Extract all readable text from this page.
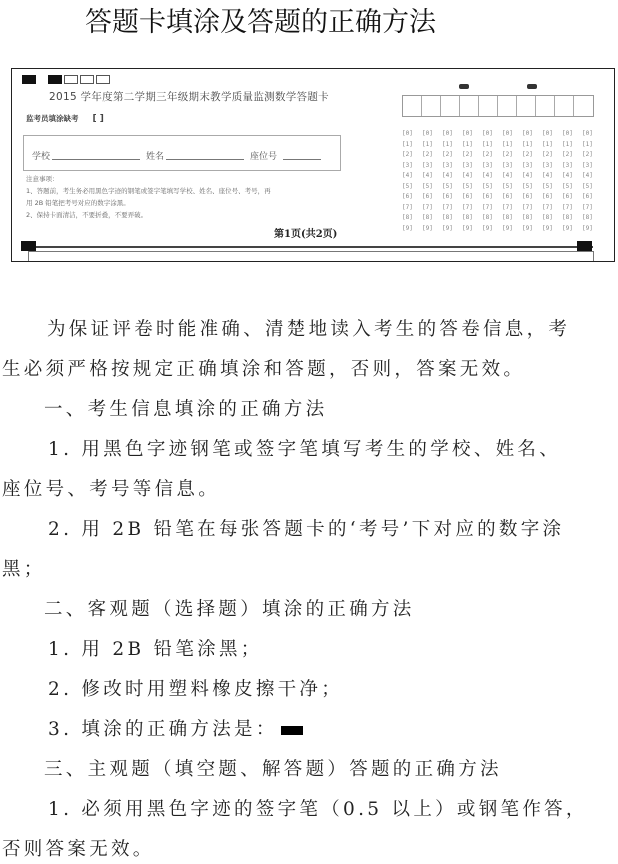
答题卡填涂及答题的正确方法
2015 学年度第二学期三年级期末教学质量监测数学答题卡
监考员填涂缺考 [ ]
学校	姓名	座位号
注意事项：
1、答题前，考生务必用黑色字迹的钢笔或签字笔填写学校、姓名、座位号、考号，再
用 2B 铅笔把考号对应的数字涂黑。
2、保持卡面清洁，不要折叠，不要弄破。
第1页(共2页)
[0]	[0]	[0]	[0]	[0]	[0]	[0]	[0]	[0]	[0]
[1]	[1]	[1]	[1]	[1]	[1]	[1]	[1]	[1]	[1]
[2]	[2]	[2]	[2]	[2]	[2]	[2]	[2]	[2]	[2]
[3]	[3]	[3]	[3]	[3]	[3]	[3]	[3]	[3]	[3]
[4]	[4]	[4]	[4]	[4]	[4]	[4]	[4]	[4]	[4]
[5]	[5]	[5]	[5]	[5]	[5]	[5]	[5]	[5]	[5]
[6]	[6]	[6]	[6]	[6]	[6]	[6]	[6]	[6]	[6]
[7]	[7]	[7]	[7]	[7]	[7]	[7]	[7]	[7]	[7]
[8]	[8]	[8]	[8]	[8]	[8]	[8]	[8]	[8]	[8]
[9]	[9]	[9]	[9]	[9]	[9]	[9]	[9]	[9]	[9]
为保证评卷时能准确、清楚地读入考生的答卷信息，考
生必须严格按规定正确填涂和答题，否则，答案无效。
一、考生信息填涂的正确方法
1. 用黑色字迹钢笔或签字笔填写考生的学校、姓名、
座位号、考号等信息。
2. 用 2B 铅笔在每张答题卡的‘考号’下对应的数字涂
黑；
二、客观题（选择题）填涂的正确方法
1. 用 2B 铅笔涂黑；
2. 修改时用塑料橡皮擦干净；
3. 填涂的正确方法是：
三、主观题（填空题、解答题）答题的正确方法
1. 必须用黑色字迹的签字笔（0.5 以上）或钢笔作答，
否则答案无效。
